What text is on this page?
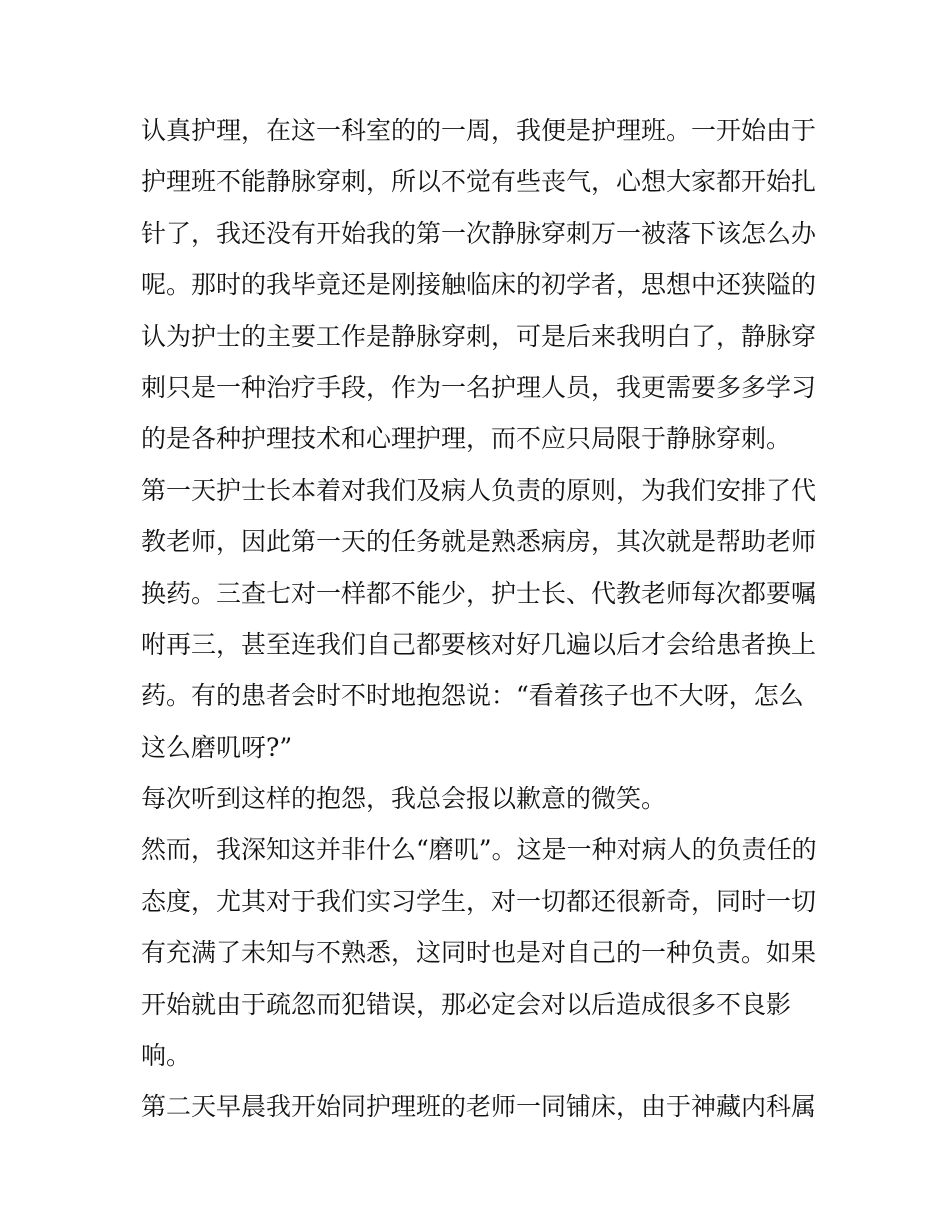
认真护理，在这一科室的的一周，我便是护理班。一开始由于
护理班不能静脉穿刺，所以不觉有些丧气，心想大家都开始扎
针了，我还没有开始我的第一次静脉穿刺万一被落下该怎么办
呢。那时的我毕竟还是刚接触临床的初学者，思想中还狭隘的
认为护士的主要工作是静脉穿刺，可是后来我明白了，静脉穿
刺只是一种治疗手段，作为一名护理人员，我更需要多多学习
的是各种护理技术和心理护理，而不应只局限于静脉穿刺。
第一天护士长本着对我们及病人负责的原则，为我们安排了代
教老师，因此第一天的任务就是熟悉病房，其次就是帮助老师
换药。三查七对一样都不能少，护士长、代教老师每次都要嘱
咐再三，甚至连我们自己都要核对好几遍以后才会给患者换上
药。有的患者会时不时地抱怨说：“看着孩子也不大呀，怎么
这么磨叽呀?”
每次听到这样的抱怨，我总会报以歉意的微笑。
然而，我深知这并非什么“磨叽”。这是一种对病人的负责任的
态度，尤其对于我们实习学生，对一切都还很新奇，同时一切
有充满了未知与不熟悉，这同时也是对自己的一种负责。如果
开始就由于疏忽而犯错误，那必定会对以后造成很多不良影
响。
第二天早晨我开始同护理班的老师一同铺床，由于神藏内科属
